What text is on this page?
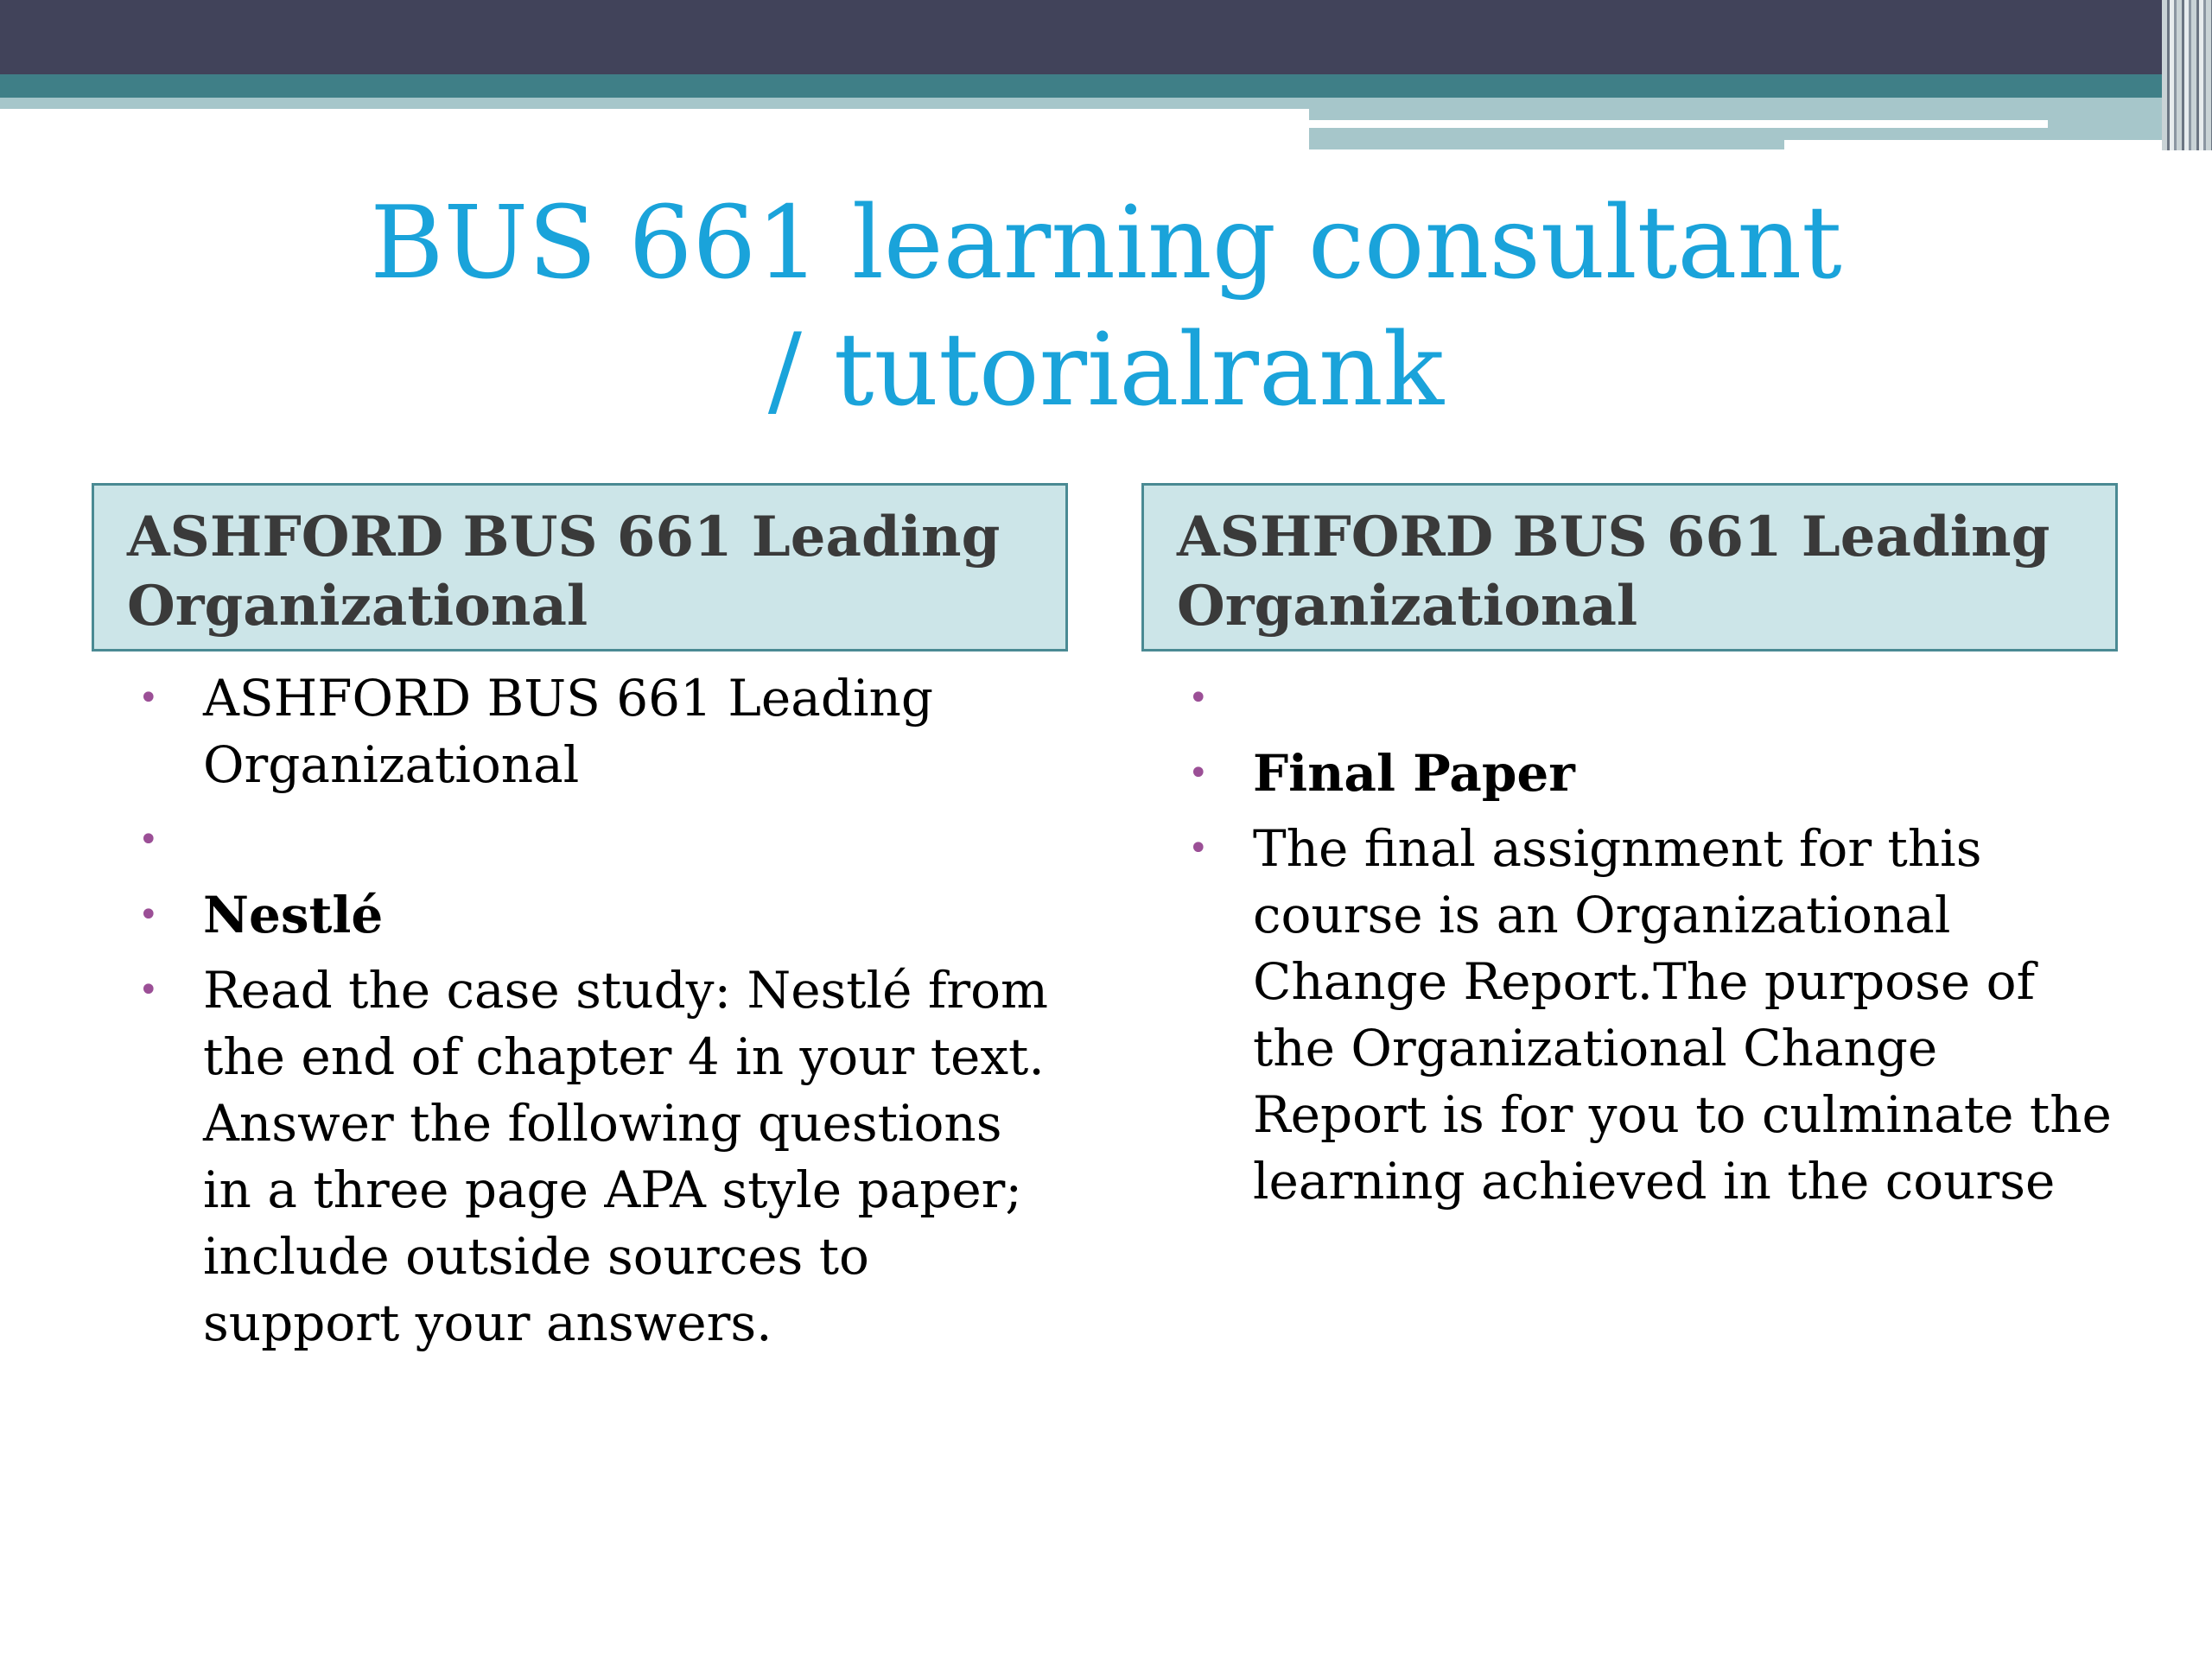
BUS 661 learning consultant
/ tutorialrank
ASHFORD BUS 661 Leading Organizational
• ASHFORD BUS 661 Leading Organizational
•
• Nestlé
• Read the case study: Nestlé from the end of chapter 4 in your text. Answer the following questions in a three page APA style paper; include outside sources to support your answers.
ASHFORD BUS 661 Leading Organizational
•
• Final Paper
• The final assignment for this course is an Organizational Change Report.The purpose of the Organizational Change Report is for you to culminate the learning achieved in the course
